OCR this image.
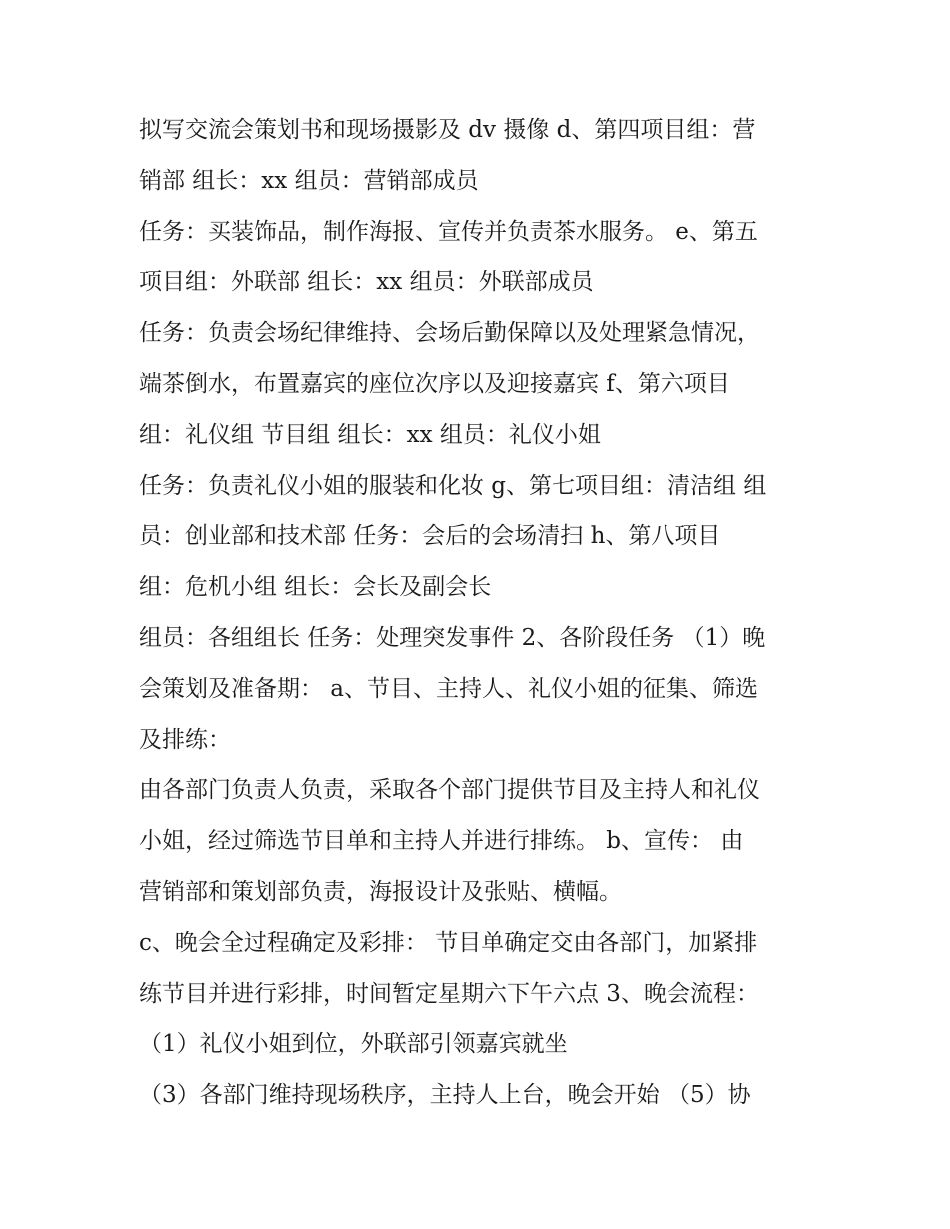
拟写交流会策划书和现场摄影及 dv 摄像 d、第四项目组：营
销部 组长：xx 组员：营销部成员
任务：买装饰品，制作海报、宣传并负责茶水服务。 e、第五
项目组：外联部 组长：xx 组员：外联部成员
任务：负责会场纪律维持、会场后勤保障以及处理紧急情况，
端茶倒水，布置嘉宾的座位次序以及迎接嘉宾 f、第六项目
组：礼仪组 节目组 组长：xx 组员：礼仪小姐
任务：负责礼仪小姐的服装和化妆 g、第七项目组：清洁组 组
员：创业部和技术部 任务：会后的会场清扫 h、第八项目
组：危机小组 组长：会长及副会长
组员：各组组长 任务：处理突发事件 2、各阶段任务 （1）晚
会策划及准备期： a、节目、主持人、礼仪小姐的征集、筛选
及排练：
由各部门负责人负责，采取各个部门提供节目及主持人和礼仪
小姐，经过筛选节目单和主持人并进行排练。 b、宣传： 由
营销部和策划部负责，海报设计及张贴、横幅。
c、晚会全过程确定及彩排： 节目单确定交由各部门，加紧排
练节目并进行彩排，时间暂定星期六下午六点 3、晚会流程：
（1）礼仪小姐到位，外联部引领嘉宾就坐
（3）各部门维持现场秩序，主持人上台，晚会开始 （5）协
